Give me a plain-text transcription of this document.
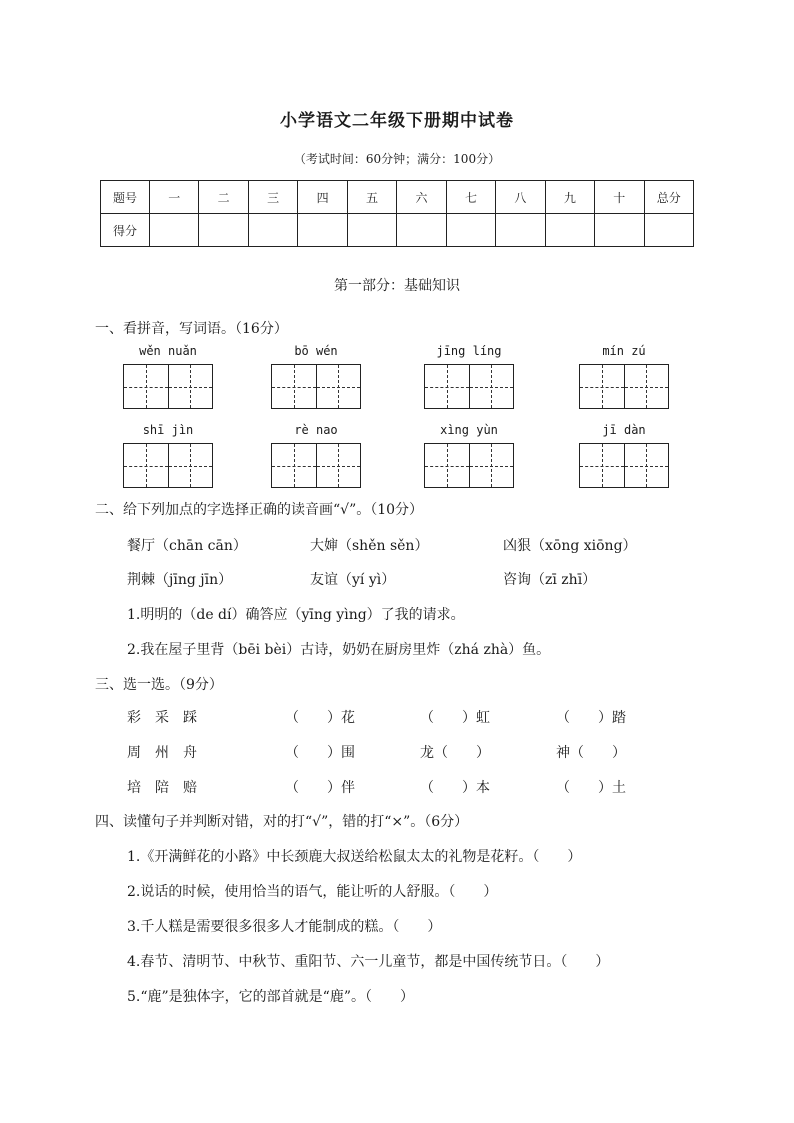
小学语文二年级下册期中试卷
（考试时间：60分钟；满分：100分）
题号	一	二	三	四	五	六	七	八	九	十	总分
得分											
第一部分：基础知识
一、看拼音，写词语。（16分）
wěn nuǎn	bō wén	jīng líng	mín zú
shī jìn	rè nao	xìng yùn	jī dàn
二、给下列加点的字选择正确的读音画“√”。（10分）
餐厅（chān cān）	大婶（shěn sěn）	凶狠（xōng xiōng）
荆棘（jīng jīn）	友谊（yí yì）	咨询（zī zhī）
1.明明的（de dí）确答应（yīng yìng）了我的请求。
2.我在屋子里背（bēi bèi）古诗，奶奶在厨房里炸（zhá zhà）鱼。
三、选一选。（9分）
彩　采　踩	（　　）花	（　　）虹	（　　）踏
周　州　舟	（　　）围	龙（　　）	神（　　）
培　陪　赔	（　　）伴	（　　）本	（　　）土
四、读懂句子并判断对错，对的打“√”，错的打“×”。（6分）
1.《开满鲜花的小路》中长颈鹿大叔送给松鼠太太的礼物是花籽。（　　）
2.说话的时候，使用恰当的语气，能让听的人舒服。（　　）
3.千人糕是需要很多很多人才能制成的糕。（　　）
4.春节、清明节、中秋节、重阳节、六一儿童节，都是中国传统节日。（　　）
5.“鹿”是独体字，它的部首就是“鹿”。（　　）
